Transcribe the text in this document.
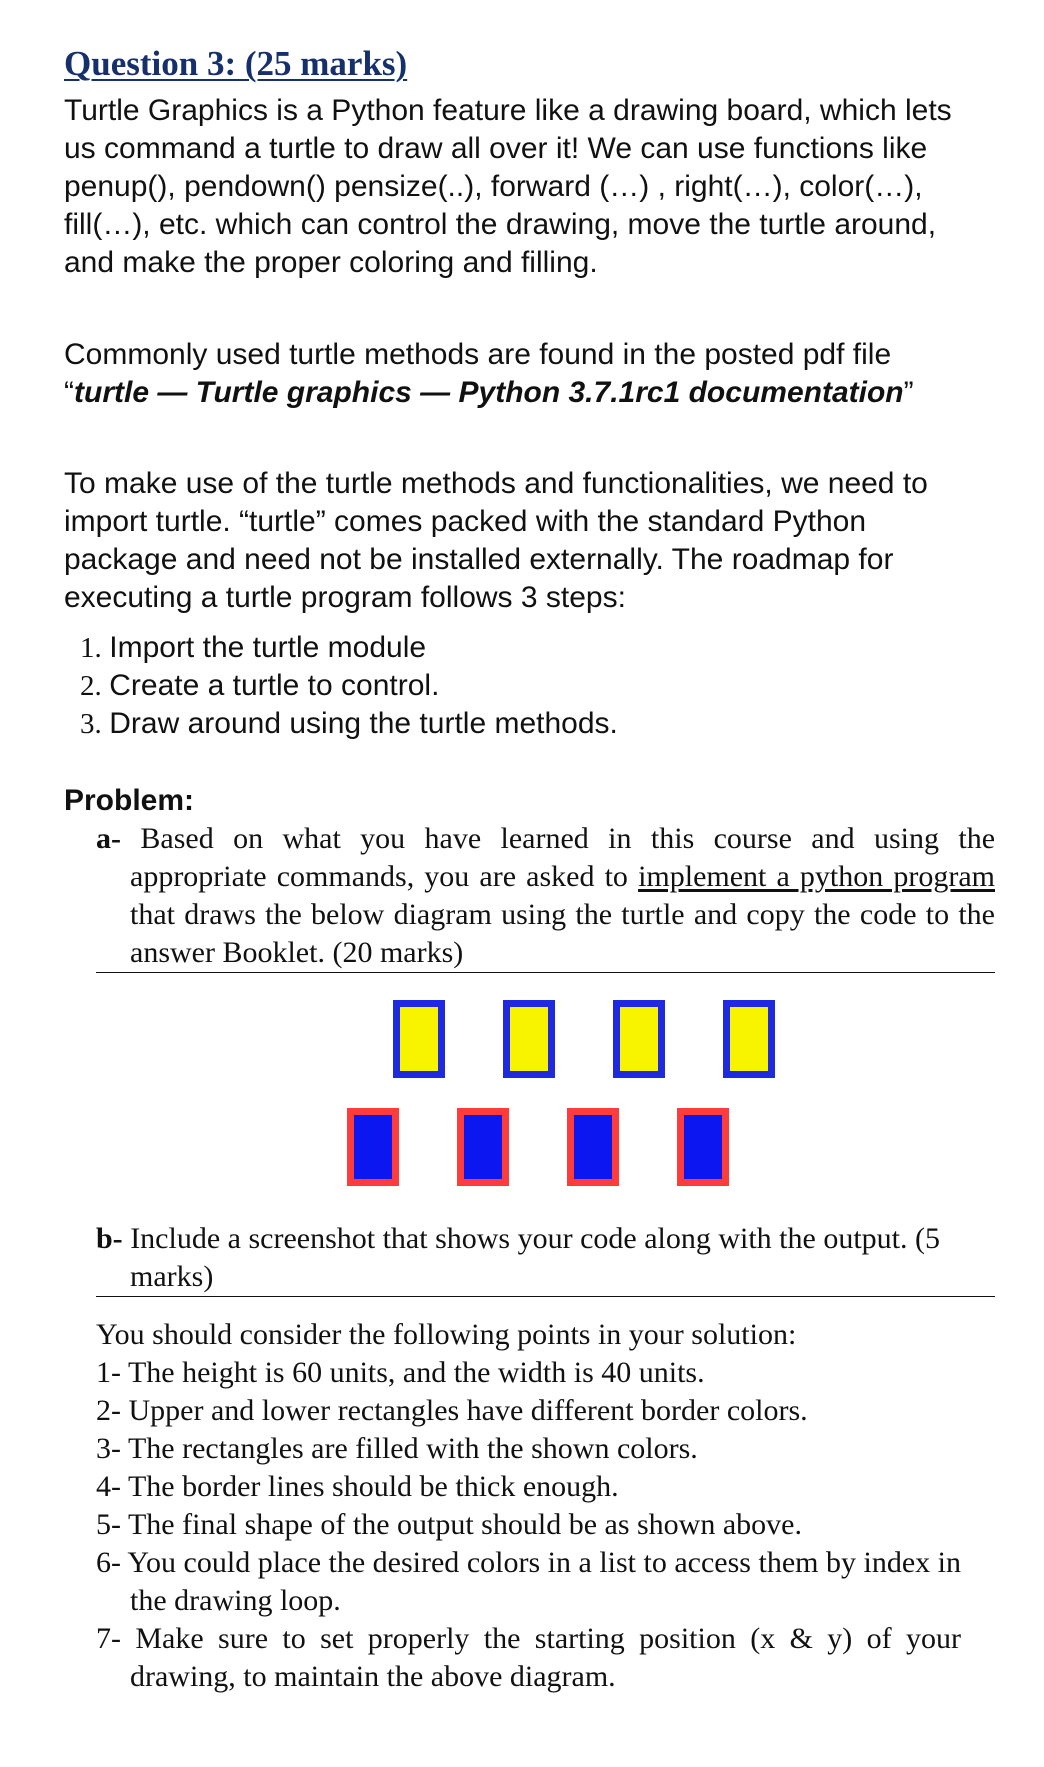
Question 3: (25 marks)

Turtle Graphics is a Python feature like a drawing board, which lets us command a turtle to draw all over it! We can use functions like penup(), pendown() pensize(..), forward (…) , right(…), color(…), fill(…), etc. which can control the drawing, move the turtle around, and make the proper coloring and filling.

Commonly used turtle methods are found in the posted pdf file “turtle — Turtle graphics — Python 3.7.1rc1 documentation”

To make use of the turtle methods and functionalities, we need to import turtle. “turtle” comes packed with the standard Python package and need not be installed externally. The roadmap for executing a turtle program follows 3 steps:

1. Import the turtle module
2. Create a turtle to control.
3. Draw around using the turtle methods.
Problem:

a- Based on what you have learned in this course and using the appropriate commands, you are asked to implement a python program that draws the below diagram using the turtle and copy the code to the answer Booklet. (20 marks)

b- Include a screenshot that shows your code along with the output. (5 marks)

You should consider the following points in your solution:

1- The height is 60 units, and the width is 40 units.
2- Upper and lower rectangles have different border colors.
3- The rectangles are filled with the shown colors.
4- The border lines should be thick enough.
5- The final shape of the output should be as shown above.
6- You could place the desired colors in a list to access them by index in the drawing loop.
7- Make sure to set properly the starting position (x & y) of your drawing, to maintain the above diagram.
